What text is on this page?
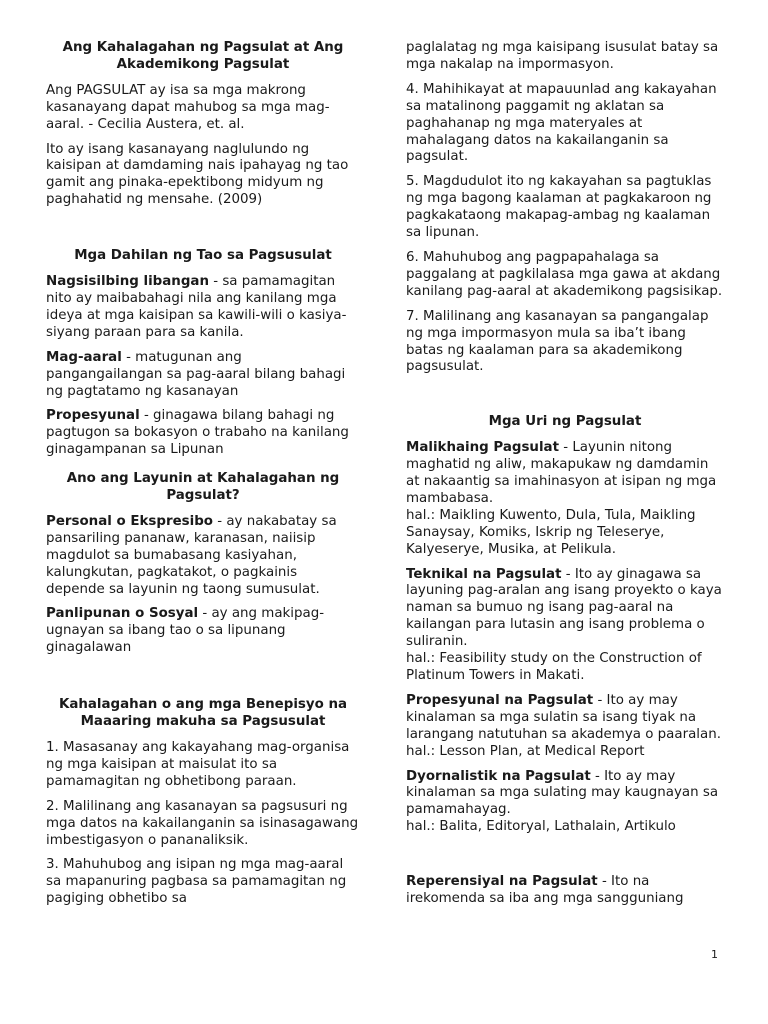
Ang Kahalagahan ng Pagsulat at Ang Akademikong Pagsulat

Ang PAGSULAT ay isa sa mga makrong kasanayang dapat mahubog sa mga mag-aaral. - Cecilia Austera, et. al.

Ito ay isang kasanayang naglulundo ng kaisipan at damdaming nais ipahayag ng tao gamit ang pinaka-epektibong midyum ng paghahatid ng mensahe. (2009)

Mga Dahilan ng Tao sa Pagsusulat

Nagsisilbing libangan - sa pamamagitan nito ay maibabahagi nila ang kanilang mga ideya at mga kaisipan sa kawili-wili o kasiya-siyang paraan para sa kanila.

Mag-aaral - matugunan ang pangangailangan sa pag-aaral bilang bahagi ng pagtatamo ng kasanayan

Propesyunal - ginagawa bilang bahagi ng pagtugon sa bokasyon o trabaho na kanilang ginagampanan sa Lipunan

Ano ang Layunin at Kahalagahan ng Pagsulat?

Personal o Ekspresibo - ay nakabatay sa pansariling pananaw, karanasan, naiisip magdulot sa bumabasang kasiyahan, kalungkutan, pagkatakot, o pagkainis depende sa layunin ng taong sumusulat.

Panlipunan o Sosyal - ay ang makipag-ugnayan sa ibang tao o sa lipunang ginagalawan

Kahalagahan o ang mga Benepisyo na Maaaring makuha sa Pagsusulat

1. Masasanay ang kakayahang mag-organisa ng mga kaisipan at maisulat ito sa pamamagitan ng obhetibong paraan.

2. Malilinang ang kasanayan sa pagsusuri ng mga datos na kakailanganin sa isinasagawang imbestigasyon o pananaliksik.

3. Mahuhubog ang isipan ng mga mag-aaral sa mapanuring pagbasa sa pamamagitan ng pagiging obhetibo sa

paglalatag ng mga kaisipang isusulat batay sa mga nakalap na impormasyon.

4. Mahihikayat at mapauunlad ang kakayahan sa matalinong paggamit ng aklatan sa paghahanap ng mga materyales at mahalagang datos na kakailanganin sa pagsulat.

5. Magdudulot ito ng kakayahan sa pagtuklas ng mga bagong kaalaman at pagkakaroon ng pagkakataong makapag-ambag ng kaalaman sa lipunan.

6. Mahuhubog ang pagpapahalaga sa paggalang at pagkilalasa mga gawa at akdang kanilang pag-aaral at akademikong pagsisikap.

7. Malilinang ang kasanayan sa pangangalap ng mga impormasyon mula sa iba’t ibang batas ng kaalaman para sa akademikong pagsusulat.

Mga Uri ng Pagsulat

Malikhaing Pagsulat - Layunin nitong maghatid ng aliw, makapukaw ng damdamin at nakaantig sa imahinasyon at isipan ng mga mambabasa.
hal.: Maikling Kuwento, Dula, Tula, Maikling Sanaysay, Komiks, Iskrip ng Teleserye, Kalyeserye, Musika, at Pelikula.

Teknikal na Pagsulat - Ito ay ginagawa sa layuning pag-aralan ang isang proyekto o kaya naman sa bumuo ng isang pag-aaral na kailangan para lutasin ang isang problema o suliranin.
hal.: Feasibility study on the Construction of Platinum Towers in Makati.

Propesyunal na Pagsulat - Ito ay may kinalaman sa mga sulatin sa isang tiyak na larangang natutuhan sa akademya o paaralan.
hal.: Lesson Plan, at Medical Report

Dyornalistik na Pagsulat - Ito ay may kinalaman sa mga sulating may kaugnayan sa pamamahayag.
hal.: Balita, Editoryal, Lathalain, Artikulo

Reperensiyal na Pagsulat - Ito na irekomenda sa iba ang mga sangguniang

1
